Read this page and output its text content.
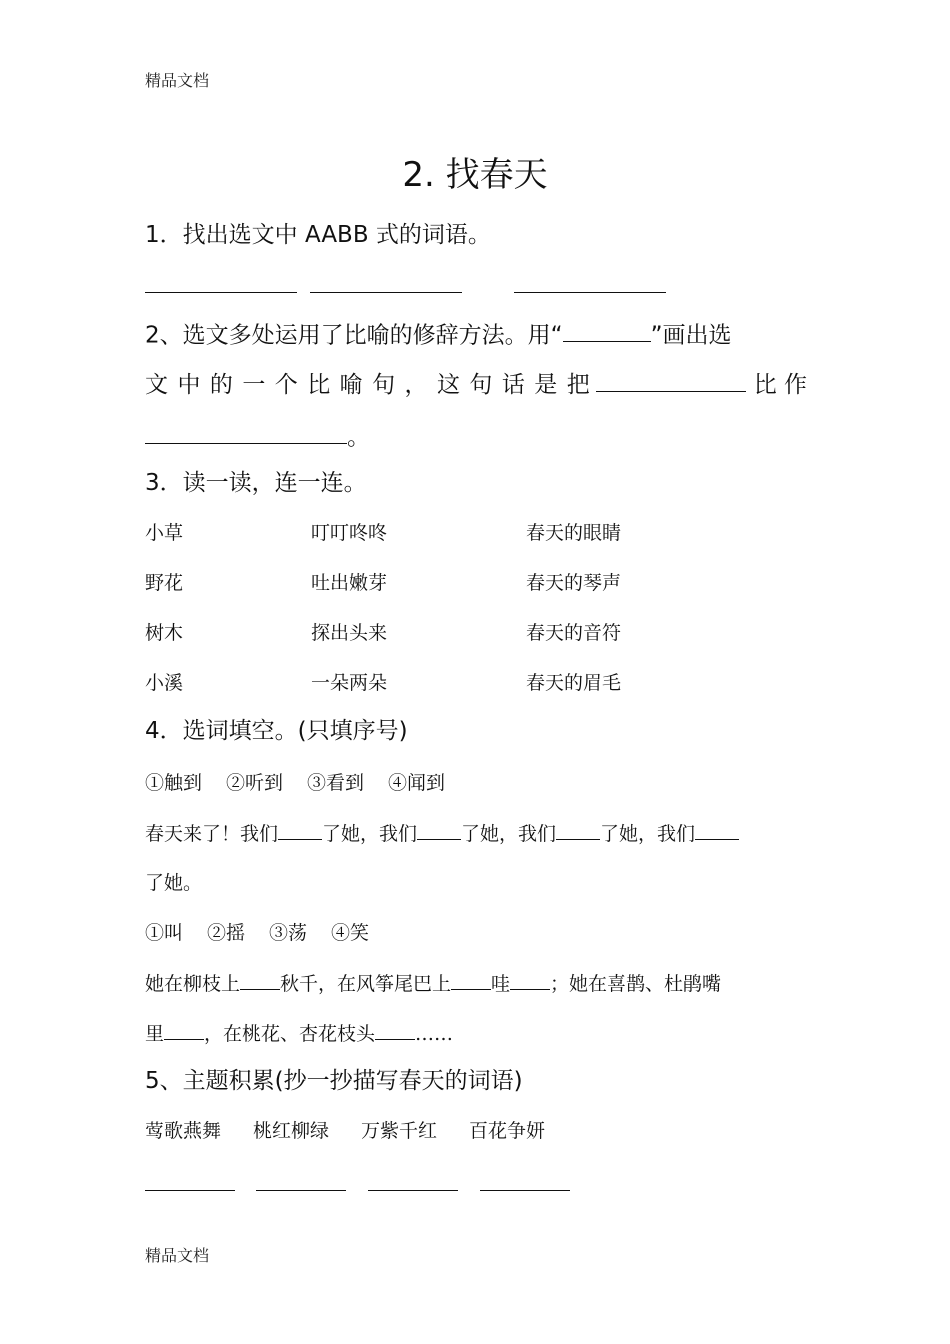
精品文档
2. 找春天
1．找出选文中 AABB 式的词语。
2、选文多处运用了比喻的修辞方法。用“	”画出选
文 中 的 一 个 比 喻 句 ， 这 句 话 是 把	比 作
。
3．读一读，连一连。
小草
野花
树木
小溪
叮叮咚咚
吐出嫩芽
探出头来
一朵两朵
春天的眼睛
春天的琴声
春天的音符
春天的眉毛
4．选词填空。(只填序号)
①触到 ②听到 ③看到 ④闻到
春天来了！我们 了她，我们 了她，我们 了她，我们
了她。
①叫 ②摇 ③荡 ④笑
她在柳枝上 秋千，在风筝尾巴上 哇 ；她在喜鹊、杜鹃嘴
里 ，在桃花、杏花枝头 ……
5、主题积累(抄一抄描写春天的词语)
莺歌燕舞 桃红柳绿 万紫千红 百花争妍
精品文档
